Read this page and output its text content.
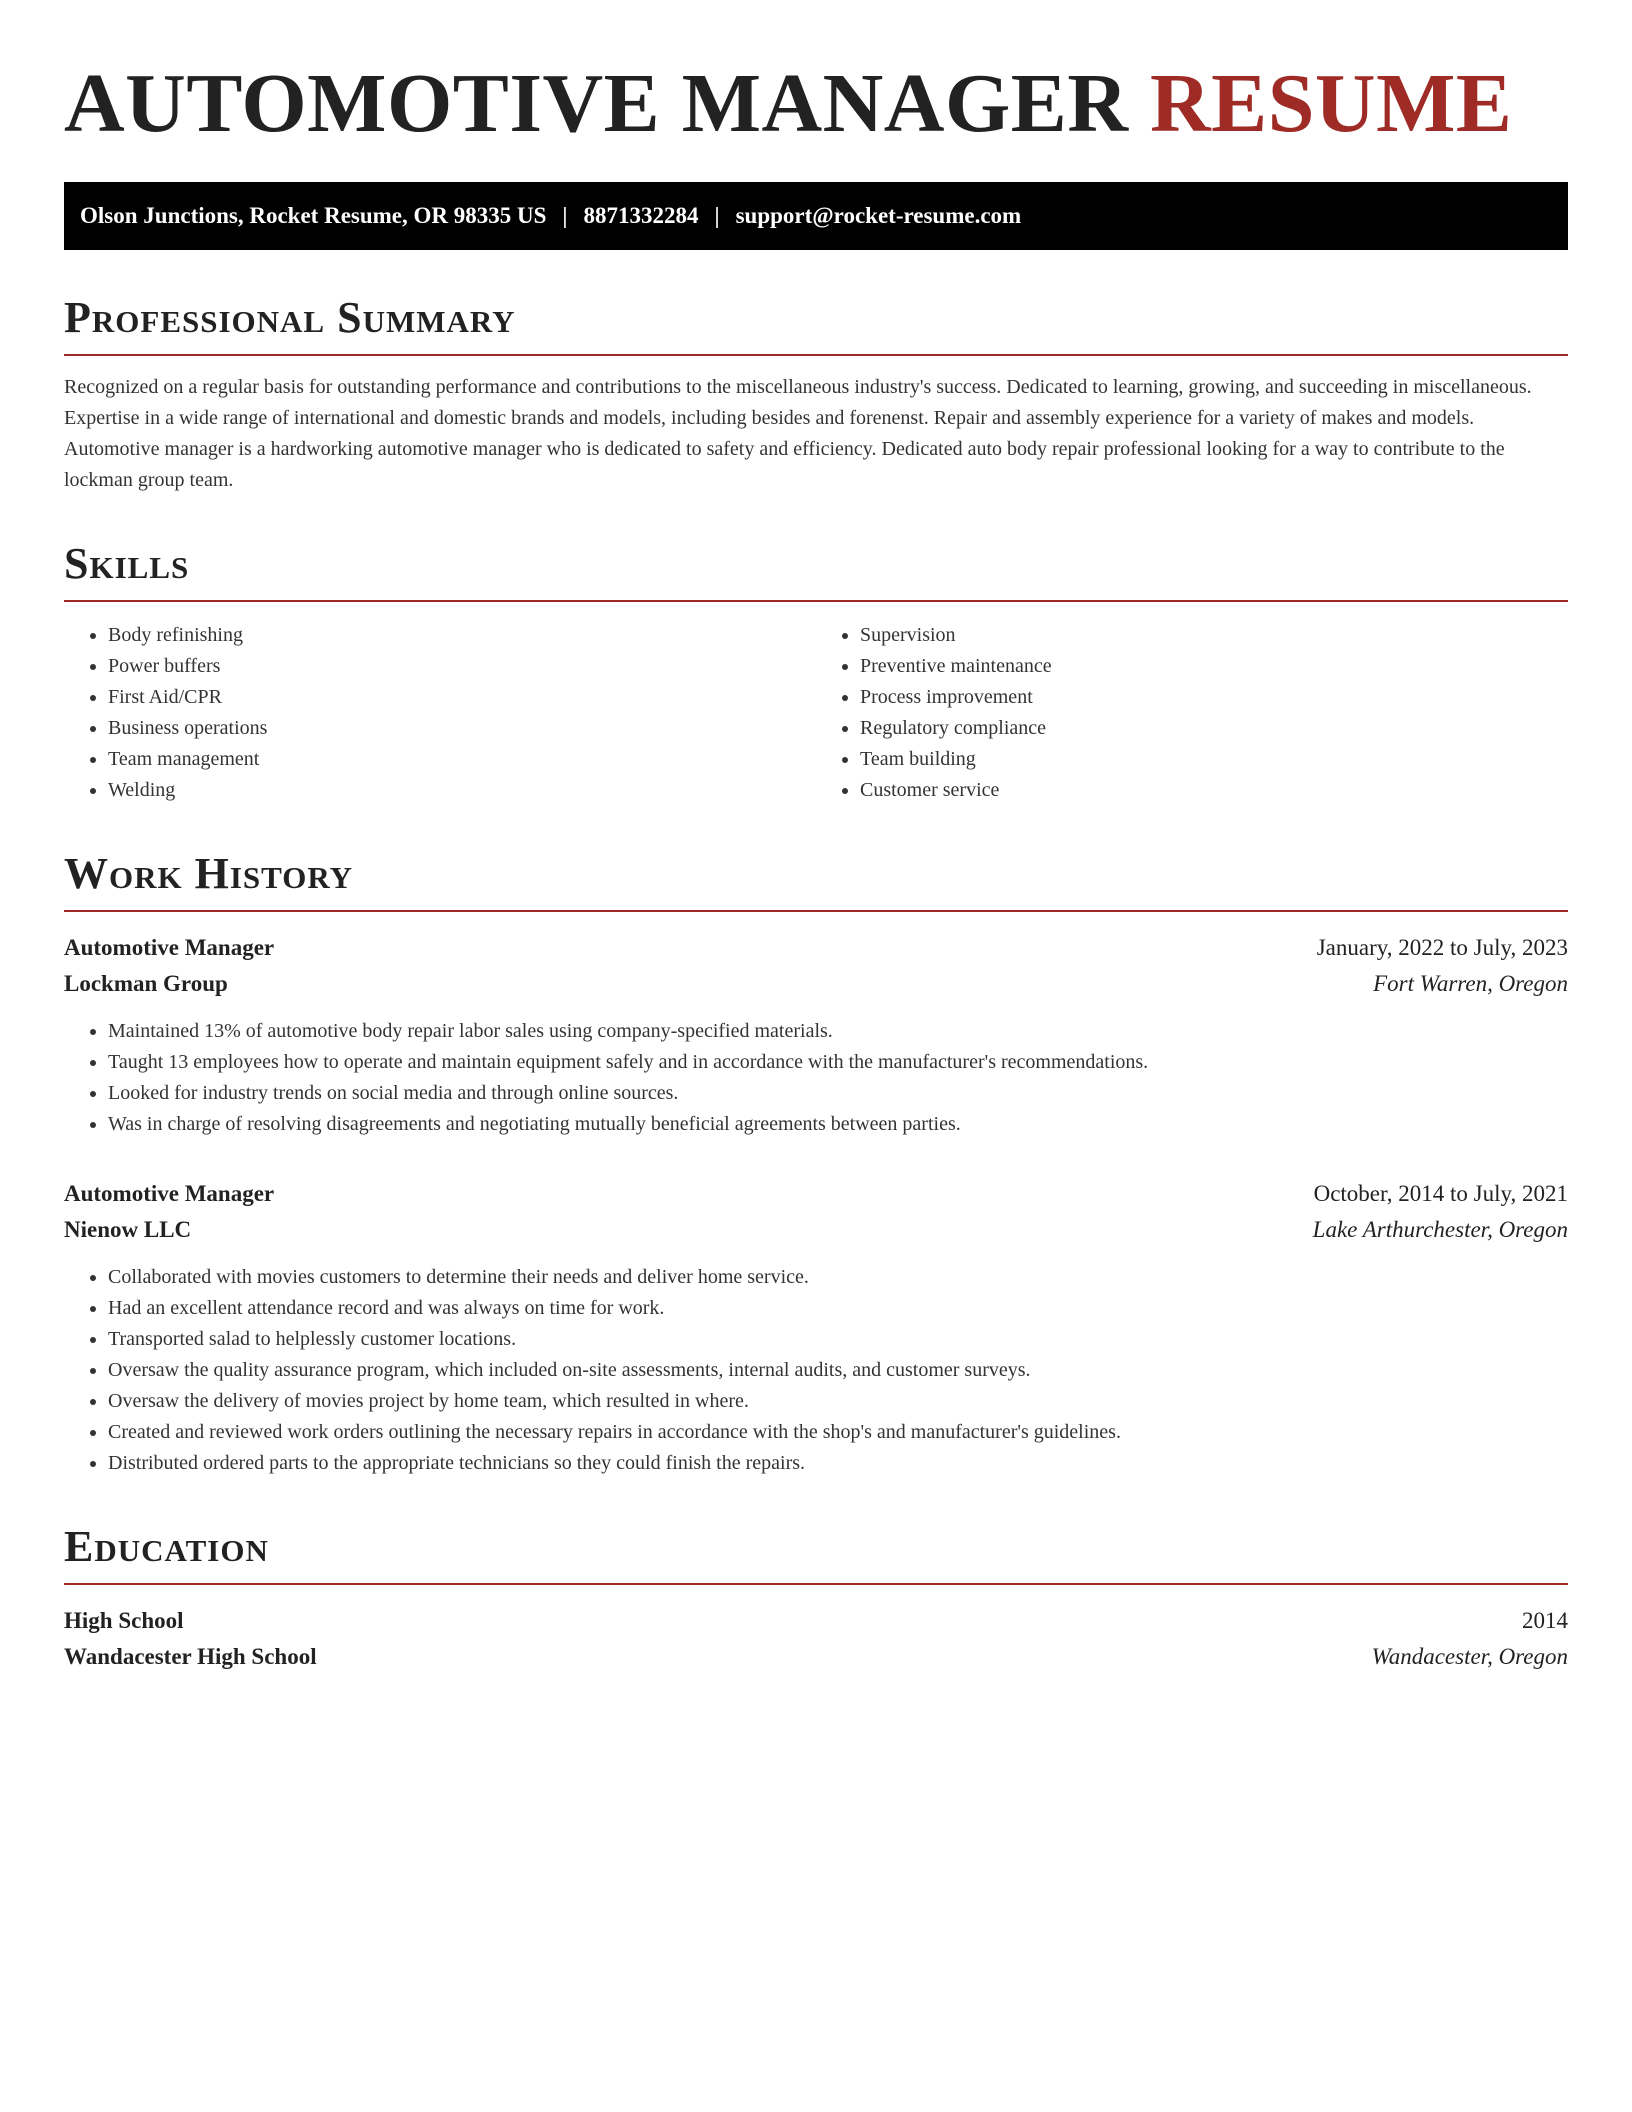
AUTOMOTIVE MANAGER RESUME
Olson Junctions, Rocket Resume, OR 98335 US | 8871332284 | support@rocket-resume.com
Professional Summary

Recognized on a regular basis for outstanding performance and contributions to the miscellaneous industry's success. Dedicated to learning, growing, and succeeding in miscellaneous. Expertise in a wide range of international and domestic brands and models, including besides and forenenst. Repair and assembly experience for a variety of makes and models. Automotive manager is a hardworking automotive manager who is dedicated to safety and efficiency. Dedicated auto body repair professional looking for a way to contribute to the lockman group team.

Skills
• Body refinishing
• Power buffers
• First Aid/CPR
• Business operations
• Team management
• Welding
• Supervision
• Preventive maintenance
• Process improvement
• Regulatory compliance
• Team building
• Customer service
Work History
Automotive Manager	January, 2022 to July, 2023
Lockman Group	Fort Warren, Oregon
• Maintained 13% of automotive body repair labor sales using company-specified materials.
• Taught 13 employees how to operate and maintain equipment safely and in accordance with the manufacturer's recommendations.
• Looked for industry trends on social media and through online sources.
• Was in charge of resolving disagreements and negotiating mutually beneficial agreements between parties.
Automotive Manager	October, 2014 to July, 2021
Nienow LLC	Lake Arthurchester, Oregon
• Collaborated with movies customers to determine their needs and deliver home service.
• Had an excellent attendance record and was always on time for work.
• Transported salad to helplessly customer locations.
• Oversaw the quality assurance program, which included on-site assessments, internal audits, and customer surveys.
• Oversaw the delivery of movies project by home team, which resulted in where.
• Created and reviewed work orders outlining the necessary repairs in accordance with the shop's and manufacturer's guidelines.
• Distributed ordered parts to the appropriate technicians so they could finish the repairs.
Education
High School	2014
Wandacester High School	Wandacester, Oregon
